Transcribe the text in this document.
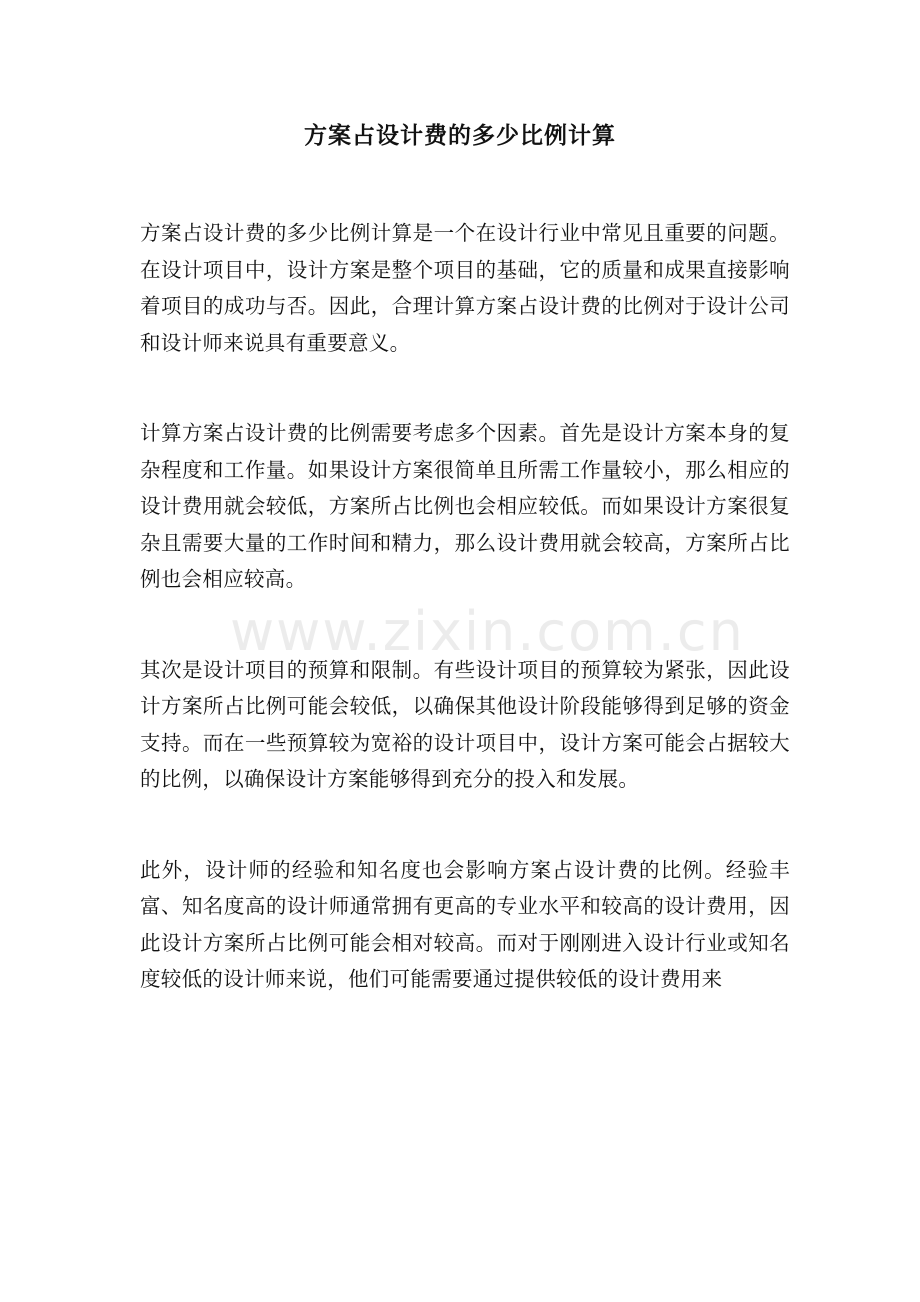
方案占设计费的多少比例计算

方案占设计费的多少比例计算是一个在设计行业中常见且重要的问题。在设计项目中，设计方案是整个项目的基础，它的质量和成果直接影响着项目的成功与否。因此，合理计算方案占设计费的比例对于设计公司和设计师来说具有重要意义。

计算方案占设计费的比例需要考虑多个因素。首先是设计方案本身的复杂程度和工作量。如果设计方案很简单且所需工作量较小，那么相应的设计费用就会较低，方案所占比例也会相应较低。而如果设计方案很复杂且需要大量的工作时间和精力，那么设计费用就会较高，方案所占比例也会相应较高。

其次是设计项目的预算和限制。有些设计项目的预算较为紧张，因此设计方案所占比例可能会较低，以确保其他设计阶段能够得到足够的资金支持。而在一些预算较为宽裕的设计项目中，设计方案可能会占据较大的比例，以确保设计方案能够得到充分的投入和发展。

此外，设计师的经验和知名度也会影响方案占设计费的比例。经验丰富、知名度高的设计师通常拥有更高的专业水平和较高的设计费用，因此设计方案所占比例可能会相对较高。而对于刚刚进入设计行业或知名度较低的设计师来说，他们可能需要通过提供较低的设计费用来

www.zixin.com.cn
